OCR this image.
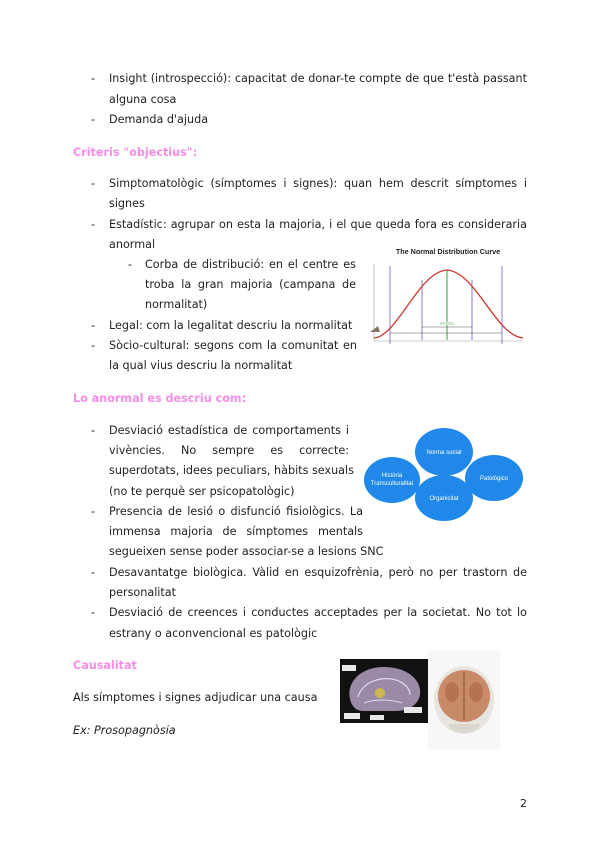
- Insight (introspecció): capacitat de donar-te compte de que t'està passant
alguna cosa
- Demanda d'ajuda
Criteris "objectius":
- Simptomatològic (símptomes i signes): quan hem descrit símptomes i
signes
- Estadístic: agrupar on esta la majoria, i el que queda fora es consideraria
anormal
- Corba de distribució: en el centre es
troba la gran majoria (campana de
normalitat)
- Legal: com la legalitat descriu la normalitat
- Sòcio-cultural: segons com la comunitat en
la qual vius descriu la normalitat
The Normal Distribution Curve
Lo anormal es descriu com:
- Desviació estadística de comportaments i
vivències. No sempre es correcte:
superdotats, idees peculiars, hàbits sexuals
(no te perquè ser psicopatològic)
- Presencia de lesió o disfunció fisiològics. La
immensa majoria de símptomes mentals
segueixen sense poder associar-se a lesions SNC
- Desavantatge biològica. Vàlid en esquizofrènia, però no per trastorn de
personalitat
- Desviació de creences i conductes acceptades per la societat. No tot lo
estrany o aconvencional es patològic
Norma social
Història
Transculturalitat
Patológico
Organicitat
Causalitat
Als símptomes i signes adjudicar una causa
Ex: Prosopagnòsia
2
